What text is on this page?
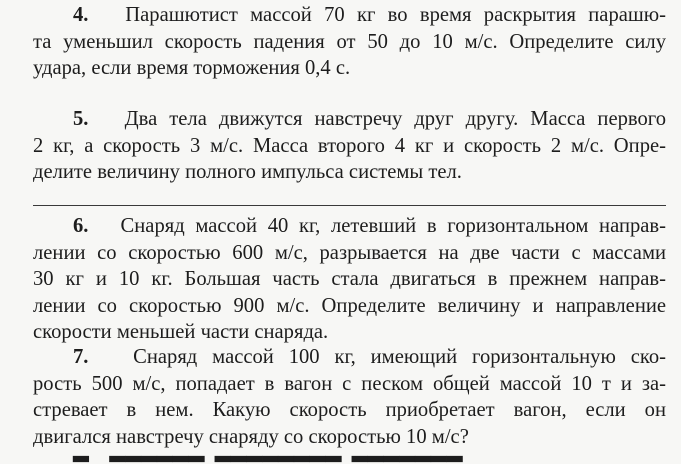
4. Парашютист массой 70 кг во время раскрытия парашю-
та уменьшил скорость падения от 50 до 10 м/с. Определите силу
удара, если время торможения 0,4 с.
5. Два тела движутся навстречу друг другу. Масса первого
2 кг, а скорость 3 м/с. Масса второго 4 кг и скорость 2 м/с. Опре-
делите величину полного импульса системы тел.
6. Снаряд массой 40 кг, летевший в горизонтальном направ-
лении со скоростью 600 м/с, разрывается на две части с массами
30 кг и 10 кг. Большая часть стала двигаться в прежнем направ-
лении со скоростью 900 м/с. Определите величину и направление
скорости меньшей части снаряда.
7. Снаряд массой 100 кг, имеющий горизонтальную ско-
рость 500 м/с, попадает в вагон с песком общей массой 10 т и за-
стревает в нем. Какую скорость приобретает вагон, если он
двигался навстречу снаряду со скоростью 10 м/с?
